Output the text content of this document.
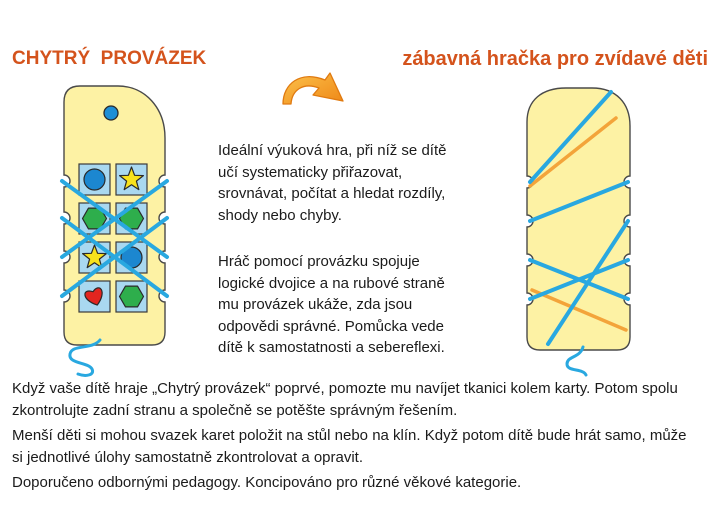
CHYTRÝ  PROVÁZEK	zábavná hračka pro zvídavé děti
Ideální výuková hra, při níž se dítě
učí systematicky přiřazovat,
srovnávat, počítat a hledat rozdíly,
shody nebo chyby.
Hráč pomocí provázku spojuje
logické dvojice a na rubové straně
mu provázek ukáže, zda jsou
odpovědi správné. Pomůcka vede
dítě k samostatnosti a sebereflexi.
Když vaše dítě hraje „Chytrý provázek“ poprvé, pomozte mu navíjet tkanici kolem karty. Potom spolu
zkontrolujte zadní stranu a společně se potěšte správným řešením.
Menší děti si mohou svazek karet položit na stůl nebo na klín. Když potom dítě bude hrát samo, může
si jednotlivé úlohy samostatně zkontrolovat a opravit.
Doporučeno odbornými pedagogy. Koncipováno pro různé věkové kategorie.
